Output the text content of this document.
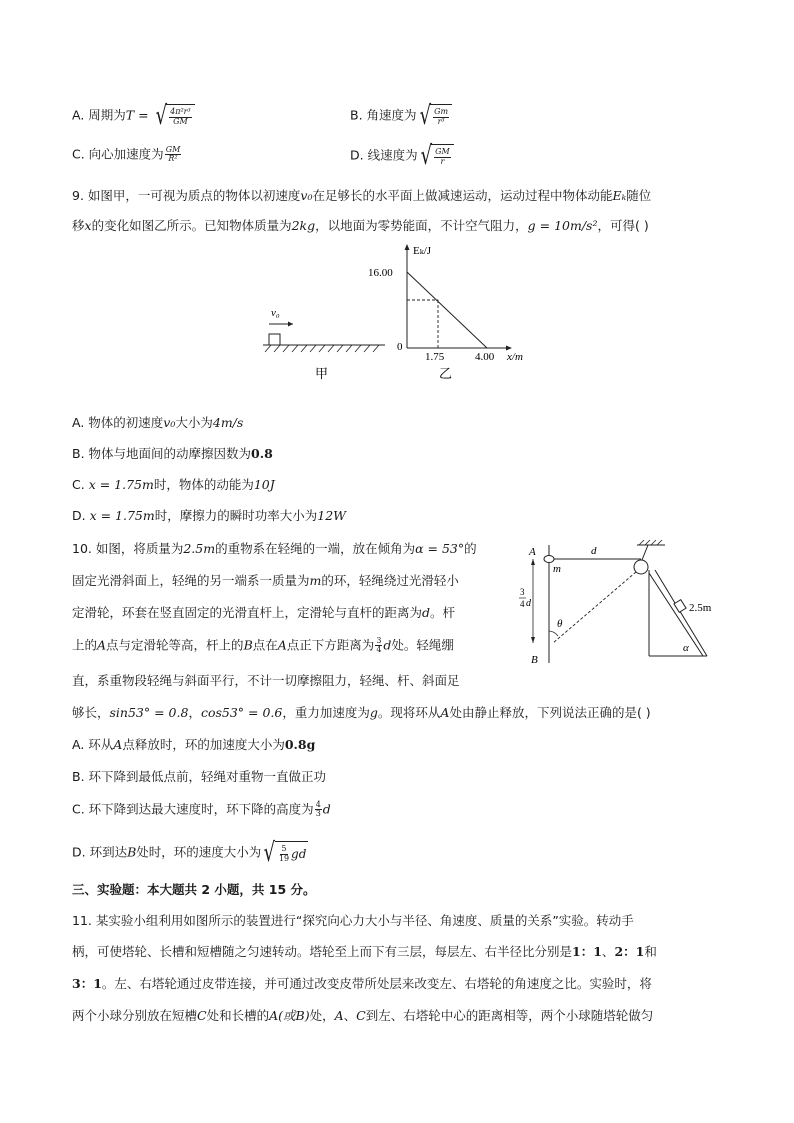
A. 周期为T = √ $\frac{\text{4π²r³}}{GM}$	B. 角速度为 √ $\frac{Gm}{\text{r³}}$
C. 向心加速度为 $\frac{GM}{\text{R²}}$	D. 线速度为 √ $\frac{GM}{r}$
9. 如图甲，一可视为质点的物体以初速度v₀在足够长的水平面上做减速运动，运动过程中物体动能Eₖ随位
移x的变化如图乙所示。已知物体质量为2kg，以地面为零势能面，不计空气阻力，g = 10m/s²，可得( )
v₀
甲
Eₖ/J
16.00
0
1.75	4.00 x/m
乙
A. 物体的初速度v₀大小为4m/s
B. 物体与地面间的动摩擦因数为0.8
C. x = 1.75m时，物体的动能为10J
D. x = 1.75m时，摩擦力的瞬时功率大小为12W
10. 如图，将质量为2.5m的重物系在轻绳的一端，放在倾角为α = 53°的
固定光滑斜面上，轻绳的另一端系一质量为m的环，轻绳绕过光滑轻小
定滑轮，环套在竖直固定的光滑直杆上，定滑轮与直杆的距离为d。杆
上的A点与定滑轮等高，杆上的B点在A点正下方距离为 $\frac{3}{4}$ d处。轻绳绷
直，系重物段轻绳与斜面平行，不计一切摩擦阻力，轻绳、杆、斜面足
够长，sin53° = 0.8，cos53° = 0.6，重力加速度为g。现将环从A处由静止释放，下列说法正确的是( )
A
B
m
d
3
4 d
θ
2.5m
α
A. 环从A点释放时，环的加速度大小为0.8g
B. 环下降到最低点前，轻绳对重物一直做正功
C. 环下降到达最大速度时，环下降的高度为 $\frac{4}{3}$ d
D. 环到达B处时，环的速度大小为 √ $\frac{5}{19}$ gd
三、实验题：本大题共 2 小题，共 15 分。
11. 某实验小组利用如图所示的装置进行“探究向心力大小与半径、角速度、质量的关系”实验。转动手
柄，可使塔轮、长槽和短槽随之匀速转动。塔轮至上而下有三层，每层左、右半径比分别是1：1、2：1和
3：1。左、右塔轮通过皮带连接，并可通过改变皮带所处层来改变左、右塔轮的角速度之比。实验时，将
两个小球分别放在短槽C处和长槽的A(或B)处，A、C到左、右塔轮中心的距离相等，两个小球随塔轮做匀
